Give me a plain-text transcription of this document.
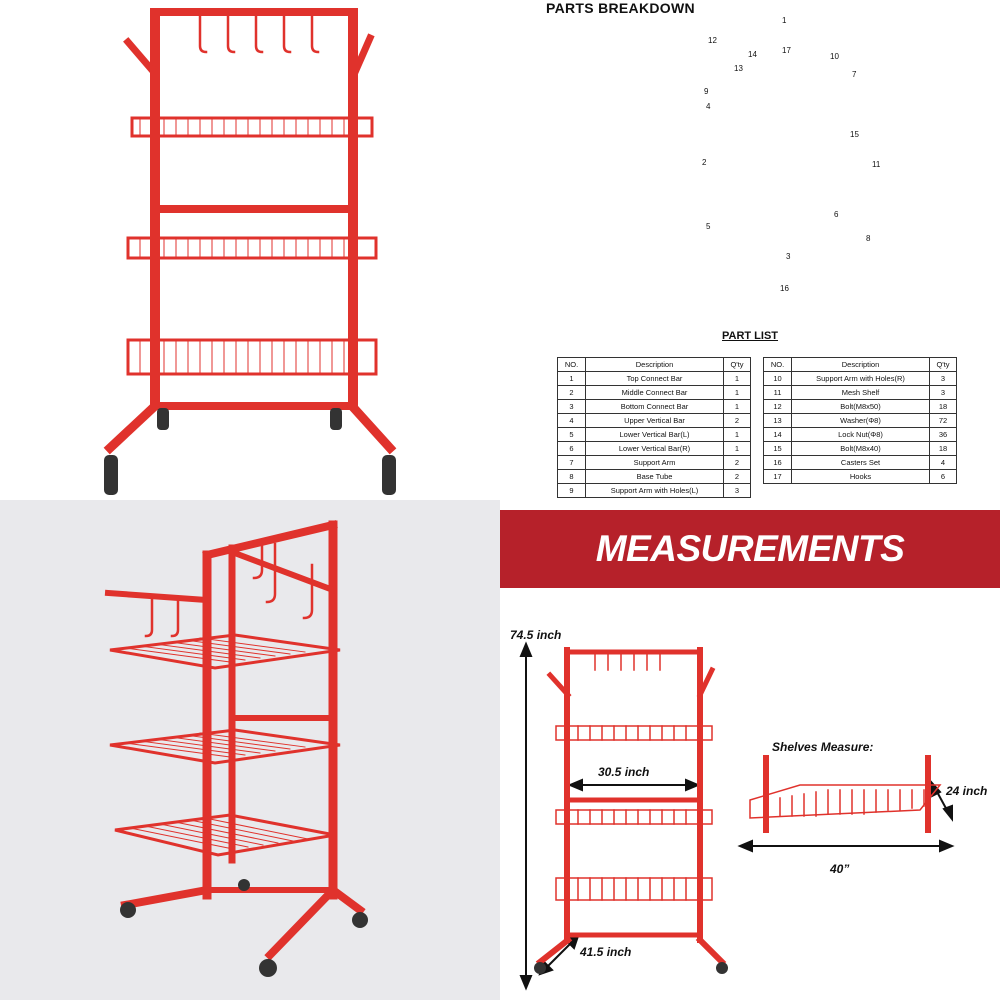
PARTS BREAKDOWN
1
12
14	17
13
10
7
9
4
15
2	11
5
6
8
3
16
PART LIST
NO.	Description	Q'ty
1	Top Connect Bar	1
2	Middle Connect Bar	1
3	Bottom Connect Bar	1
4	Upper Vertical Bar	2
5	Lower Vertical Bar(L)	1
6	Lower Vertical Bar(R)	1
7	Support Arm	2
8	Base Tube	2
9	Support Arm with Holes(L)	3
NO.	Description	Q'ty
10	Support Arm with Holes(R)	3
11	Mesh Shelf	3
12	Bolt(M8x50)	18
13	Washer(Φ8)	72
14	Lock Nut(Φ8)	36
15	Bolt(M8x40)	18
16	Casters Set	4
17	Hooks	6
MEASUREMENTS
74.5 inch
30.5 inch
41.5 inch
Shelves Measure:
24 inch
40”
